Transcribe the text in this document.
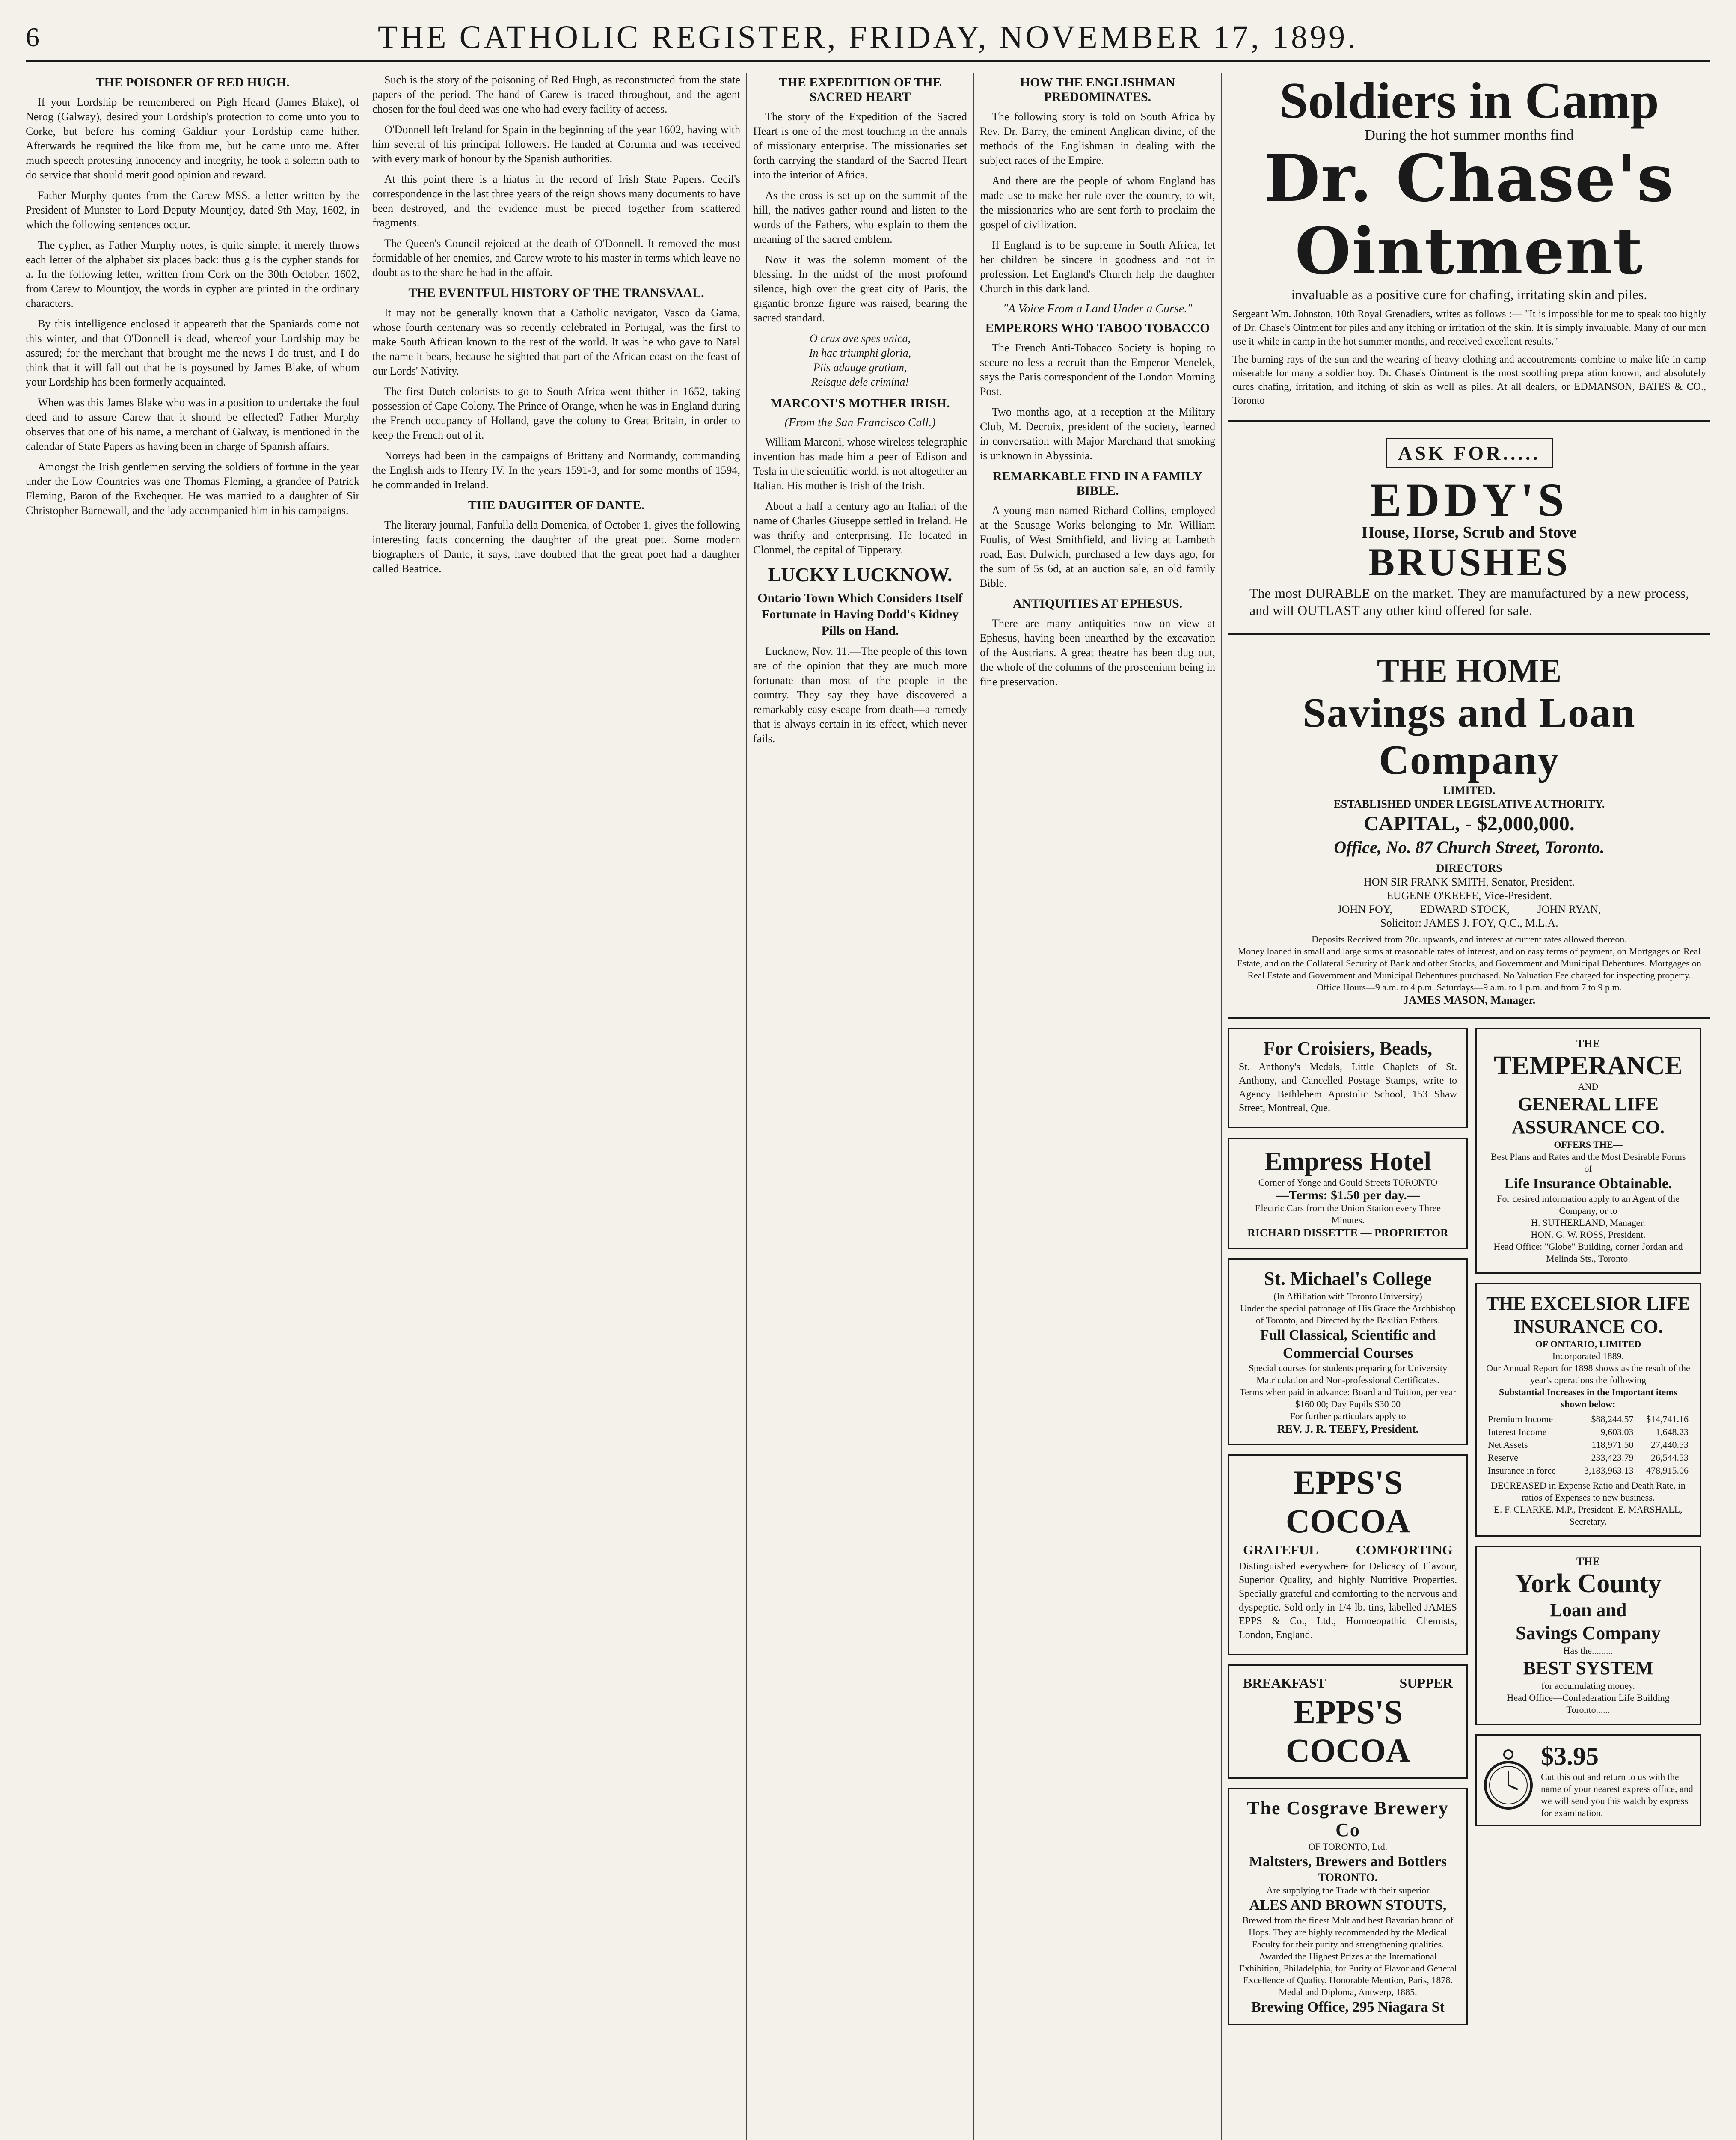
6	THE CATHOLIC REGISTER, FRIDAY, NOVEMBER 17, 1899.
THE POISONER OF RED HUGH.

If your Lordship be remembered on Pigh Heard (James Blake), of Nerog (Galway), desired your Lordship's protection to come unto you to Corke, but before his coming Galdiur your Lordship came hither. Afterwards he required the like from me, but he came unto me. After much speech protesting innocency and integrity, he took a solemn oath to do service that should merit good opinion and reward.

Father Murphy quotes from the Carew MSS. a letter written by the President of Munster to Lord Deputy Mountjoy, dated 9th May, 1602, in which the following sentences occur.

The cypher, as Father Murphy notes, is quite simple; it merely throws each letter of the alphabet six places back: thus g is the cypher stands for a. In the following letter, written from Cork on the 30th October, 1602, from Carew to Mountjoy, the words in cypher are printed in the ordinary characters.

By this intelligence enclosed it appeareth that the Spaniards come not this winter, and that O'Donnell is dead, whereof your Lordship may be assured; for the merchant that brought me the news I do trust, and I do think that it will fall out that he is poysoned by James Blake, of whom your Lordship has been formerly acquainted.

When was this James Blake who was in a position to undertake the foul deed and to assure Carew that it should be effected? Father Murphy observes that one of his name, a merchant of Galway, is mentioned in the calendar of State Papers as having been in charge of Spanish affairs.

Amongst the Irish gentlemen serving the soldiers of fortune in the year under the Low Countries was one Thomas Fleming, a grandee of Patrick Fleming, Baron of the Exchequer. He was married to a daughter of Sir Christopher Barnewall, and the lady accompanied him in his campaigns.

Such is the story of the poisoning of Red Hugh, as reconstructed from the state papers of the period. The hand of Carew is traced throughout, and the agent chosen for the foul deed was one who had every facility of access.

O'Donnell left Ireland for Spain in the beginning of the year 1602, having with him several of his principal followers. He landed at Corunna and was received with every mark of honour by the Spanish authorities.

At this point there is a hiatus in the record of Irish State Papers. Cecil's correspondence in the last three years of the reign shows many documents to have been destroyed, and the evidence must be pieced together from scattered fragments.

The Queen's Council rejoiced at the death of O'Donnell. It removed the most formidable of her enemies, and Carew wrote to his master in terms which leave no doubt as to the share he had in the affair.

THE EVENTFUL HISTORY OF THE TRANSVAAL.

It may not be generally known that a Catholic navigator, Vasco da Gama, whose fourth centenary was so recently celebrated in Portugal, was the first to make South African known to the rest of the world. It was he who gave to Natal the name it bears, because he sighted that part of the African coast on the feast of our Lords' Nativity.

The first Dutch colonists to go to South Africa went thither in 1652, taking possession of Cape Colony. The Prince of Orange, when he was in England during the French occupancy of Holland, gave the colony to Great Britain, in order to keep the French out of it.

Norreys had been in the campaigns of Brittany and Normandy, commanding the English aids to Henry IV. In the years 1591-3, and for some months of 1594, he commanded in Ireland.

THE DAUGHTER OF DANTE.

The literary journal, Fanfulla della Domenica, of October 1, gives the following interesting facts concerning the daughter of the great poet. Some modern biographers of Dante, it says, have doubted that the great poet had a daughter called Beatrice.

THE EXPEDITION OF THE SACRED HEART

The story of the Expedition of the Sacred Heart is one of the most touching in the annals of missionary enterprise. The missionaries set forth carrying the standard of the Sacred Heart into the interior of Africa.

As the cross is set up on the summit of the hill, the natives gather round and listen to the words of the Fathers, who explain to them the meaning of the sacred emblem.

Now it was the solemn moment of the blessing. In the midst of the most profound silence, high over the great city of Paris, the gigantic bronze figure was raised, bearing the sacred standard.

O crux ave spes unica,
In hac triumphi gloria,
Piis adauge gratiam,
Reisque dele crimina!
MARCONI'S MOTHER IRISH.
(From the San Francisco Call.)

William Marconi, whose wireless telegraphic invention has made him a peer of Edison and Tesla in the scientific world, is not altogether an Italian. His mother is Irish of the Irish.

About a half a century ago an Italian of the name of Charles Giuseppe settled in Ireland. He was thrifty and enterprising. He located in Clonmel, the capital of Tipperary.

LUCKY LUCKNOW.
Ontario Town Which Considers Itself Fortunate in Having Dodd's Kidney Pills on Hand.

Lucknow, Nov. 11.—The people of this town are of the opinion that they are much more fortunate than most of the people in the country. They say they have discovered a remarkably easy escape from death—a remedy that is always certain in its effect, which never fails.

HOW THE ENGLISHMAN PREDOMINATES.

The following story is told on South Africa by Rev. Dr. Barry, the eminent Anglican divine, of the methods of the Englishman in dealing with the subject races of the Empire.

And there are the people of whom England has made use to make her rule over the country, to wit, the missionaries who are sent forth to proclaim the gospel of civilization.

If England is to be supreme in South Africa, let her children be sincere in goodness and not in profession. Let England's Church help the daughter Church in this dark land.

"A Voice From a Land Under a Curse."
EMPERORS WHO TABOO TOBACCO

The French Anti-Tobacco Society is hoping to secure no less a recruit than the Emperor Menelek, says the Paris correspondent of the London Morning Post.

Two months ago, at a reception at the Military Club, M. Decroix, president of the society, learned in conversation with Major Marchand that smoking is unknown in Abyssinia.

REMARKABLE FIND IN A FAMILY BIBLE.

A young man named Richard Collins, employed at the Sausage Works belonging to Mr. William Foulis, of West Smithfield, and living at Lambeth road, East Dulwich, purchased a few days ago, for the sum of 5s 6d, at an auction sale, an old family Bible.

ANTIQUITIES AT EPHESUS.

There are many antiquities now on view at Ephesus, having been unearthed by the excavation of the Austrians. A great theatre has been dug out, the whole of the columns of the proscenium being in fine preservation.

Soldiers in Camp
During the hot summer months find
Dr. Chase's Ointment
invaluable as a positive cure for chafing, irritating skin and piles.

Sergeant Wm. Johnston, 10th Royal Grenadiers, writes as follows :— "It is impossible for me to speak too highly of Dr. Chase's Ointment for piles and any itching or irritation of the skin. It is simply invaluable. Many of our men use it while in camp in the hot summer months, and received excellent results."

The burning rays of the sun and the wearing of heavy clothing and accoutrements combine to make life in camp miserable for many a soldier boy. Dr. Chase's Ointment is the most soothing preparation known, and absolutely cures chafing, irritation, and itching of skin as well as piles. At all dealers, or EDMANSON, BATES & CO., Toronto

ASK FOR.....
EDDY'S
House, Horse, Scrub and Stove
BRUSHES

The most DURABLE on the market. They are manufactured by a new process, and will OUTLAST any other kind offered for sale.

THE HOME
Savings and Loan Company
LIMITED.
ESTABLISHED UNDER LEGISLATIVE AUTHORITY.
CAPITAL, - $2,000,000.
Office, No. 87 Church Street, Toronto.
DIRECTORS
HON SIR FRANK SMITH, Senator, President.
EUGENE O'KEEFE, Vice-President.
JOHN FOY,          EDWARD STOCK,          JOHN RYAN,
Solicitor: JAMES J. FOY, Q.C., M.L.A.
Deposits Received from 20c. upwards, and interest at current rates allowed thereon.
Money loaned in small and large sums at reasonable rates of interest, and on easy terms of payment, on Mortgages on Real Estate, and on the Collateral Security of Bank and other Stocks, and Government and Municipal Debentures. Mortgages on Real Estate and Government and Municipal Debentures purchased. No Valuation Fee charged for inspecting property.
Office Hours—9 a.m. to 4 p.m. Saturdays—9 a.m. to 1 p.m. and from 7 to 9 p.m.
JAMES MASON, Manager.
For Croisiers, Beads,

St. Anthony's Medals, Little Chaplets of St. Anthony, and Cancelled Postage Stamps, write to Agency Bethlehem Apostolic School, 153 Shaw Street, Montreal, Que.

Empress Hotel
Corner of Yonge and Gould Streets TORONTO
—Terms: $1.50 per day.—
Electric Cars from the Union Station every Three Minutes.
RICHARD DISSETTE — PROPRIETOR
St. Michael's College
(In Affiliation with Toronto University)
Under the special patronage of His Grace the Archbishop of Toronto, and Directed by the Basilian Fathers.
Full Classical, Scientific and Commercial Courses
Special courses for students preparing for University Matriculation and Non-professional Certificates.
Terms when paid in advance: Board and Tuition, per year $160 00; Day Pupils $30 00
For further particulars apply to
REV. J. R. TEEFY, President.
EPPS'S COCOA
GRATEFUL	COMFORTING

Distinguished everywhere for Delicacy of Flavour, Superior Quality, and highly Nutritive Properties. Specially grateful and comforting to the nervous and dyspeptic. Sold only in 1/4-lb. tins, labelled JAMES EPPS & Co., Ltd., Homoeopathic Chemists, London, England.

BREAKFAST	SUPPER
EPPS'S COCOA
The Cosgrave Brewery Co
OF TORONTO, Ltd.
Maltsters, Brewers and Bottlers
TORONTO.
Are supplying the Trade with their superior
ALES AND BROWN STOUTS,
Brewed from the finest Malt and best Bavarian brand of Hops. They are highly recommended by the Medical Faculty for their purity and strengthening qualities.
Awarded the Highest Prizes at the International Exhibition, Philadelphia, for Purity of Flavor and General Excellence of Quality. Honorable Mention, Paris, 1878. Medal and Diploma, Antwerp, 1885.
Brewing Office, 295 Niagara St
THE
TEMPERANCE
AND
GENERAL LIFE
ASSURANCE CO.
OFFERS THE—
Best Plans and Rates and the Most Desirable Forms of
Life Insurance Obtainable.
For desired information apply to an Agent of the Company, or to
H. SUTHERLAND, Manager.
HON. G. W. ROSS, President.
Head Office: "Globe" Building, corner Jordan and Melinda Sts., Toronto.
THE EXCELSIOR LIFE INSURANCE CO.
OF ONTARIO, LIMITED
Incorporated 1889.
Our Annual Report for 1898 shows as the result of the year's operations the following
Substantial Increases in the Important items shown below:
Premium Income	$88,244.57	$14,741.16
Interest Income	9,603.03	1,648.23
Net Assets	118,971.50	27,440.53
Reserve	233,423.79	26,544.53
Insurance in force	3,183,963.13	478,915.06
DECREASED in Expense Ratio and Death Rate, in ratios of Expenses to new business.
E. F. CLARKE, M.P., President. E. MARSHALL, Secretary.
THE
York County
Loan and
Savings Company
Has the.........
BEST SYSTEM
for accumulating money.
Head Office—Confederation Life Building Toronto......
$3.95
Cut this out and return to us with the name of your nearest express office, and we will send you this watch by express for examination.
